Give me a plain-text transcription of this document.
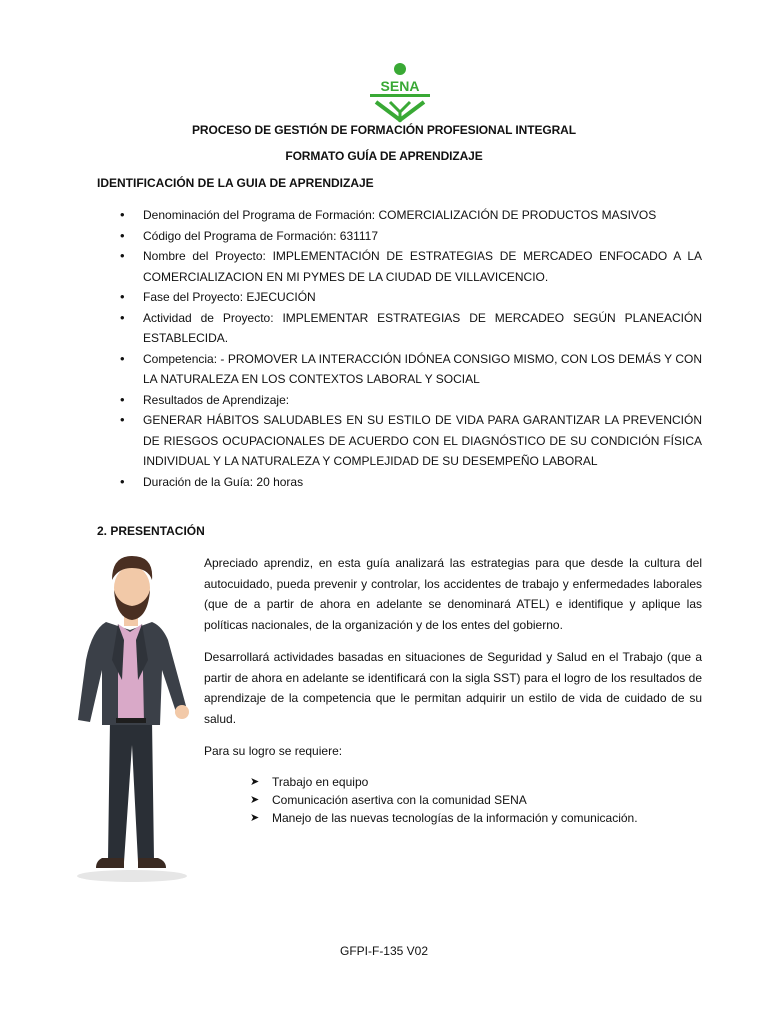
SENA
PROCESO DE GESTIÓN DE FORMACIÓN PROFESIONAL INTEGRAL
FORMATO GUÍA DE APRENDIZAJE
IDENTIFICACIÓN DE LA GUIA DE APRENDIZAJE
• Denominación del Programa de Formación: COMERCIALIZACIÓN DE PRODUCTOS MASIVOS
• Código del Programa de Formación: 631117
• Nombre del Proyecto: IMPLEMENTACIÓN DE ESTRATEGIAS DE MERCADEO ENFOCADO A LA COMERCIALIZACION EN MI PYMES DE LA CIUDAD DE VILLAVICENCIO.
• Fase del Proyecto: EJECUCIÓN
• Actividad de Proyecto: IMPLEMENTAR ESTRATEGIAS DE MERCADEO SEGÚN PLANEACIÓN ESTABLECIDA.
• Competencia: - PROMOVER LA INTERACCIÓN IDÓNEA CONSIGO MISMO, CON LOS DEMÁS Y CON LA NATURALEZA EN LOS CONTEXTOS LABORAL Y SOCIAL
• Resultados de Aprendizaje:
• GENERAR HÁBITOS SALUDABLES EN SU ESTILO DE VIDA PARA GARANTIZAR LA PREVENCIÓN DE RIESGOS OCUPACIONALES DE ACUERDO CON EL DIAGNÓSTICO DE SU CONDICIÓN FÍSICA INDIVIDUAL Y LA NATURALEZA Y COMPLEJIDAD DE SU DESEMPEÑO LABORAL
• Duración de la Guía: 20 horas
2. PRESENTACIÓN

Apreciado aprendiz, en esta guía analizará las estrategias para que desde la cultura del autocuidado, pueda prevenir y controlar, los accidentes de trabajo y enfermedades laborales (que de a partir de ahora en adelante se denominará ATEL) e identifique y aplique las políticas nacionales, de la organización y de los entes del gobierno.

Desarrollará actividades basadas en situaciones de Seguridad y Salud en el Trabajo (que a partir de ahora en adelante se identificará con la sigla SST) para el logro de los resultados de aprendizaje de la competencia que le permitan adquirir un estilo de vida de cuidado de su salud.

Para su logro se requiere:

➤ Trabajo en equipo
➤ Comunicación asertiva con la comunidad SENA
➤ Manejo de las nuevas tecnologías de la información y comunicación.
GFPI-F-135 V02
